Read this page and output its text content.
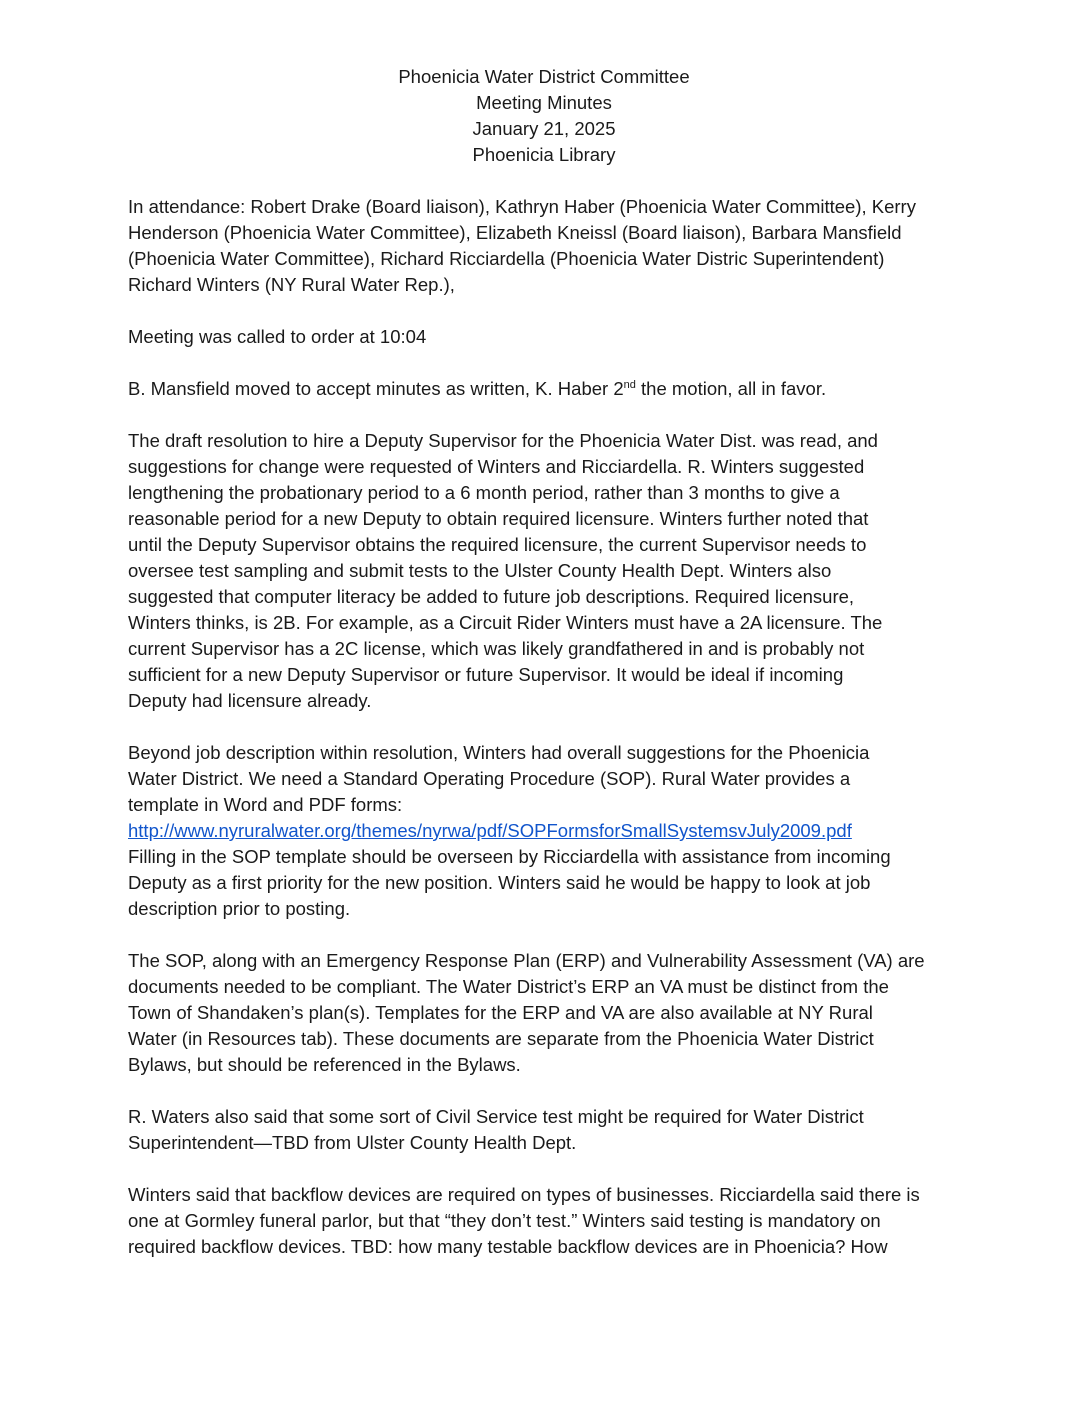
Phoenicia Water District Committee
Meeting Minutes
January 21, 2025
Phoenicia Library

In attendance: Robert Drake (Board liaison), Kathryn Haber (Phoenicia Water Committee), Kerry
Henderson (Phoenicia Water Committee), Elizabeth Kneissl (Board liaison), Barbara Mansfield
(Phoenicia Water Committee), Richard Ricciardella (Phoenicia Water Distric Superintendent)
Richard Winters (NY Rural Water Rep.),

Meeting was called to order at 10:04

B. Mansfield moved to accept minutes as written, K. Haber 2nd the motion, all in favor.

The draft resolution to hire a Deputy Supervisor for the Phoenicia Water Dist. was read, and
suggestions for change were requested of Winters and Ricciardella. R. Winters suggested
lengthening the probationary period to a 6 month period, rather than 3 months to give a
reasonable period for a new Deputy to obtain required licensure. Winters further noted that
until the Deputy Supervisor obtains the required licensure, the current Supervisor needs to
oversee test sampling and submit tests to the Ulster County Health Dept. Winters also
suggested that computer literacy be added to future job descriptions. Required licensure,
Winters thinks, is 2B. For example, as a Circuit Rider Winters must have a 2A licensure. The
current Supervisor has a 2C license, which was likely grandfathered in and is probably not
sufficient for a new Deputy Supervisor or future Supervisor. It would be ideal if incoming
Deputy had licensure already.

Beyond job description within resolution, Winters had overall suggestions for the Phoenicia
Water District. We need a Standard Operating Procedure (SOP). Rural Water provides a
template in Word and PDF forms:
http://www.nyruralwater.org/themes/nyrwa/pdf/SOPFormsforSmallSystemsvJuly2009.pdf
Filling in the SOP template should be overseen by Ricciardella with assistance from incoming
Deputy as a first priority for the new position. Winters said he would be happy to look at job
description prior to posting.

The SOP, along with an Emergency Response Plan (ERP) and Vulnerability Assessment (VA) are
documents needed to be compliant. The Water District’s ERP an VA must be distinct from the
Town of Shandaken’s plan(s). Templates for the ERP and VA are also available at NY Rural
Water (in Resources tab). These documents are separate from the Phoenicia Water District
Bylaws, but should be referenced in the Bylaws.

R. Waters also said that some sort of Civil Service test might be required for Water District
Superintendent—TBD from Ulster County Health Dept.

Winters said that backflow devices are required on types of businesses. Ricciardella said there is
one at Gormley funeral parlor, but that “they don’t test.” Winters said testing is mandatory on
required backflow devices. TBD: how many testable backflow devices are in Phoenicia? How
